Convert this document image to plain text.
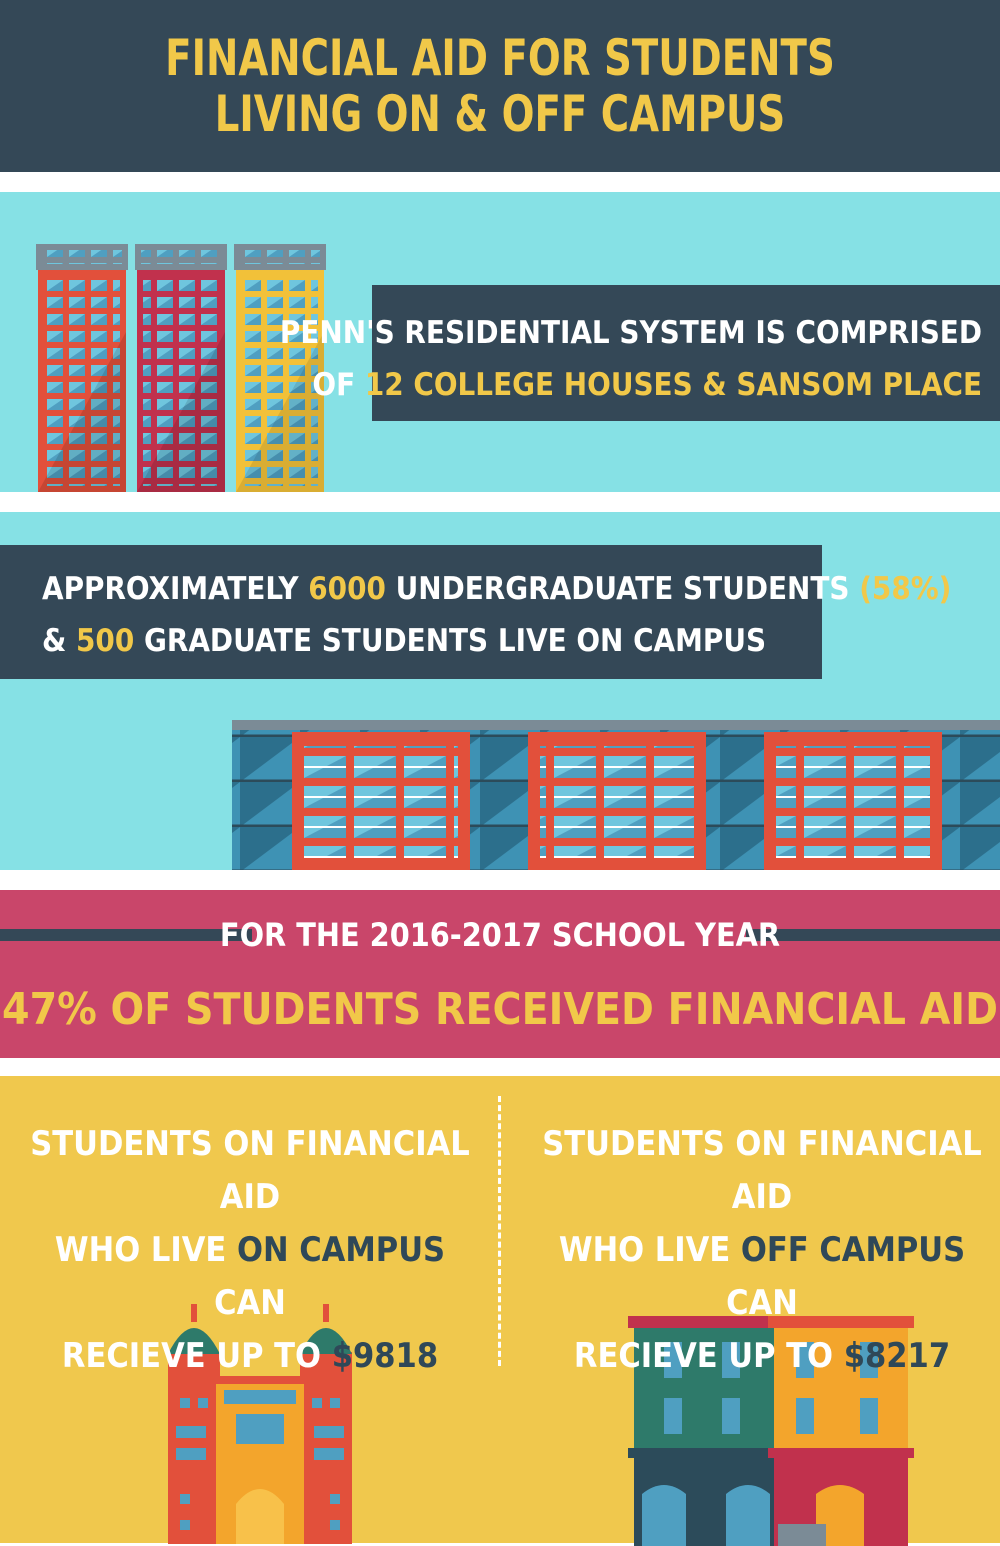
FINANCIAL AID FOR STUDENTS
LIVING ON & OFF CAMPUS
PENN'S RESIDENTIAL SYSTEM IS COMPRISED
OF 12 COLLEGE HOUSES & SANSOM PLACE
APPROXIMATELY 6000 UNDERGRADUATE STUDENTS (58%)
& 500 GRADUATE STUDENTS LIVE ON CAMPUS
FOR THE 2016-2017 SCHOOL YEAR
47% OF STUDENTS RECEIVED FINANCIAL AID
STUDENTS ON FINANCIAL AID
WHO LIVE ON CAMPUS CAN
RECIEVE UP TO $9818
STUDENTS ON FINANCIAL AID
WHO LIVE OFF CAMPUS CAN
RECIEVE UP TO $8217
